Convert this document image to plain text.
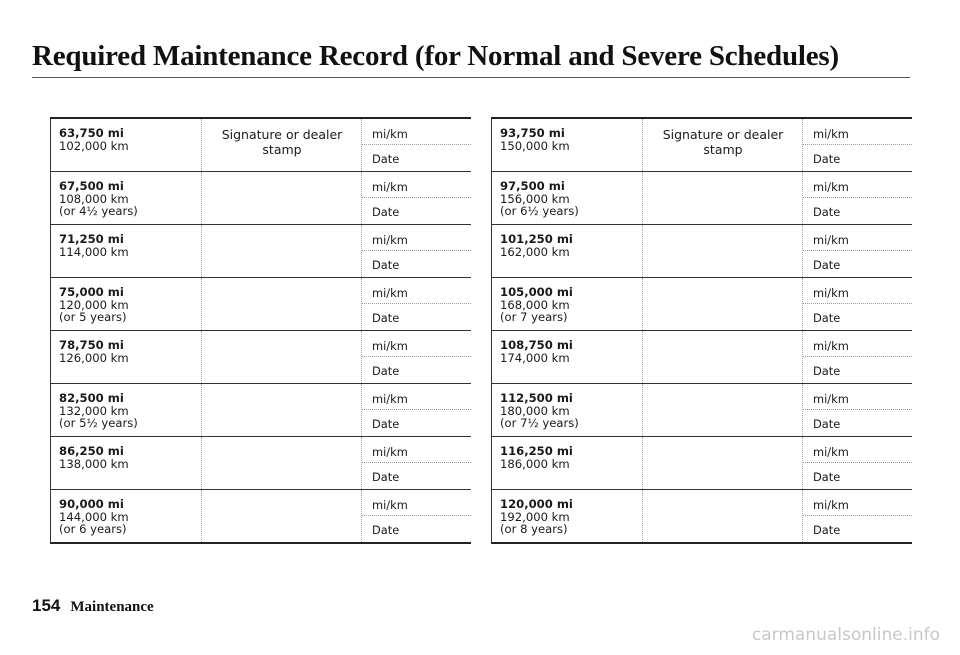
Required Maintenance Record (for Normal and Severe Schedules)
63,750 mi
102,000 km
Signature or dealer stamp
mi/km
Date
67,500 mi
108,000 km
(or 4½ years)
mi/km
Date
71,250 mi
114,000 km
mi/km
Date
75,000 mi
120,000 km
(or 5 years)
mi/km
Date
78,750 mi
126,000 km
mi/km
Date
82,500 mi
132,000 km
(or 5½ years)
mi/km
Date
86,250 mi
138,000 km
mi/km
Date
90,000 mi
144,000 km
(or 6 years)
mi/km
Date
93,750 mi
150,000 km
Signature or dealer stamp
mi/km
Date
97,500 mi
156,000 km
(or 6½ years)
mi/km
Date
101,250 mi
162,000 km
mi/km
Date
105,000 mi
168,000 km
(or 7 years)
mi/km
Date
108,750 mi
174,000 km
mi/km
Date
112,500 mi
180,000 km
(or 7½ years)
mi/km
Date
116,250 mi
186,000 km
mi/km
Date
120,000 mi
192,000 km
(or 8 years)
mi/km
Date
154 Maintenance
carmanualsonline.info
